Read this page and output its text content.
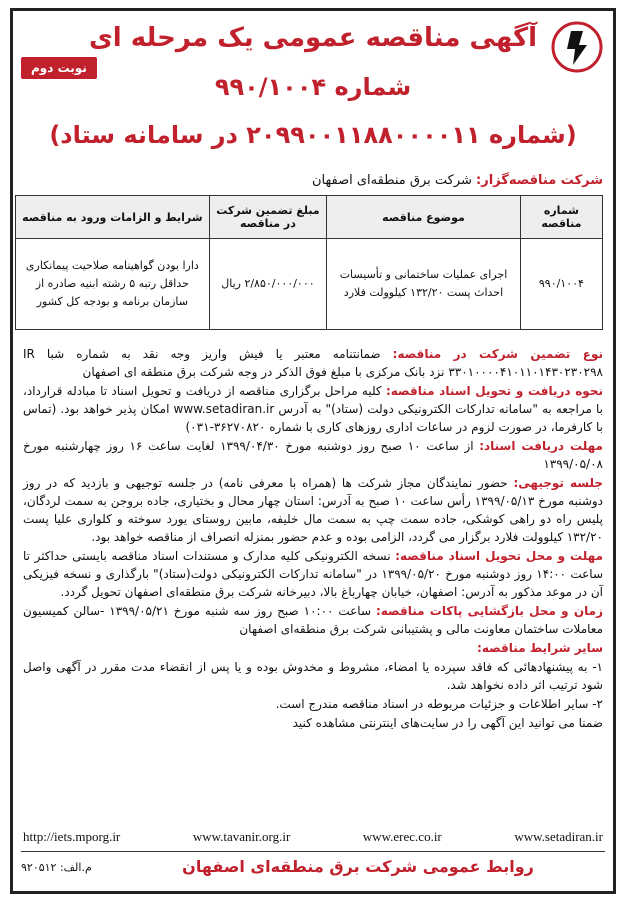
نوبت دوم
آگهی مناقصه عمومی یک مرحله ای
شماره ۹۹۰/۱۰۰۴
(شماره ۲۰۹۹۰۰۱۱۸۸۰۰۰۰۱۱ در سامانه ستاد)
شرکت مناقصه‌گزار: شرکت برق منطقه‌ای اصفهان
شماره مناقصه	موضوع مناقصه	مبلغ تضمین شرکت در مناقصه	شرایط و الزامات ورود به مناقصه
۹۹۰/۱۰۰۴	اجرای عملیات ساختمانی و تأسیسات احداث پست ۱۳۲/۲۰ کیلوولت فلارد	۲/۸۵۰/۰۰۰/۰۰۰ ریال	دارا بودن گواهینامه صلاحیت پیمانکاری حداقل رتبه ۵ رشته ابنیه صادره از سازمان برنامه و بودجه کل کشور

نوع تضمین شرکت در مناقصه: ضمانتنامه معتبر یا فیش واریز وجه نقد به شماره شبا IR ۳۳۰۱۰۰۰۰۴۱۰۱۱۰۱۴۳۰۲۳۰۲۹۸ نزد بانک مرکزی با مبلغ فوق الذکر در وجه شرکت برق منطقه ای اصفهان

نحوه دریافت و تحویل اسناد مناقصه: کلیه مراحل برگزاری مناقصه از دریافت و تحویل اسناد تا مبادله قرارداد، با مراجعه به "سامانه تدارکات الکترونیکی دولت (ستاد)" به آدرس www.setadiran.ir امکان پذیر خواهد بود. (تماس با کارفرما، در صورت لزوم در ساعات اداری روزهای کاری با شماره ۳۶۲۷۰۸۲۰-۰۳۱)

مهلت دریافت اسناد: از ساعت ۱۰ صبح روز دوشنبه مورخ ۱۳۹۹/۰۴/۳۰ لغایت ساعت ۱۶ روز چهارشنبه مورخ ۱۳۹۹/۰۵/۰۸

جلسه توجیهی: حضور نمایندگان مجاز شرکت ها (همراه با معرفی نامه) در جلسه توجیهی و بازدید که در روز دوشنبه مورخ ۱۳۹۹/۰۵/۱۳ رأس ساعت ۱۰ صبح به آدرس: استان چهار محال و بختیاری، جاده بروجن به سمت لردگان، پلیس راه دو راهی کوشکی، جاده سمت چپ به سمت مال خلیفه، مابین روستای یورد سوخته و کلواری علیا پست ۱۳۲/۲۰ کیلوولت فلارد برگزار می گردد، الزامی بوده و عدم حضور بمنزله انصراف از مناقصه خواهد بود.

مهلت و محل تحویل اسناد مناقصه: نسخه الکترونیکی کلیه مدارک و مستندات اسناد مناقصه بایستی حداکثر تا ساعت ۱۴:۰۰ روز دوشنبه مورخ ۱۳۹۹/۰۵/۲۰ در "سامانه تدارکات الکترونیکی دولت(ستاد)" بارگذاری و نسخه فیزیکی آن در موعد مذکور به آدرس: اصفهان، خیابان چهارباغ بالا، دبیرخانه شرکت برق منطقه‌ای اصفهان تحویل گردد.

زمان و محل بازگشایی پاکات مناقصه: ساعت ۱۰:۰۰ صبح روز سه شنبه مورخ ۱۳۹۹/۰۵/۲۱ -سالن کمیسیون معاملات ساختمان معاونت مالی و پشتیبانی شرکت برق منطقه‌ای اصفهان

سایر شرایط مناقصه:

۱- به پیشنهادهائی که فاقد سپرده یا امضاء، مشروط و مخدوش بوده و یا پس از انقضاء مدت مقرر در آگهی واصل شود ترتیب اثر داده نخواهد شد.

۲- سایر اطلاعات و جزئیات مربوطه در اسناد مناقصه مندرج است.

ضمنا می توانید این آگهی را در سایت‌های اینترنتی مشاهده کنید

http://iets.mporg.ir	www.tavanir.org.ir	www.erec.co.ir	www.setadiran.ir
روابط عمومی شرکت برق منطقه‌ای اصفهان
م.الف: ۹۲۰۵۱۲
